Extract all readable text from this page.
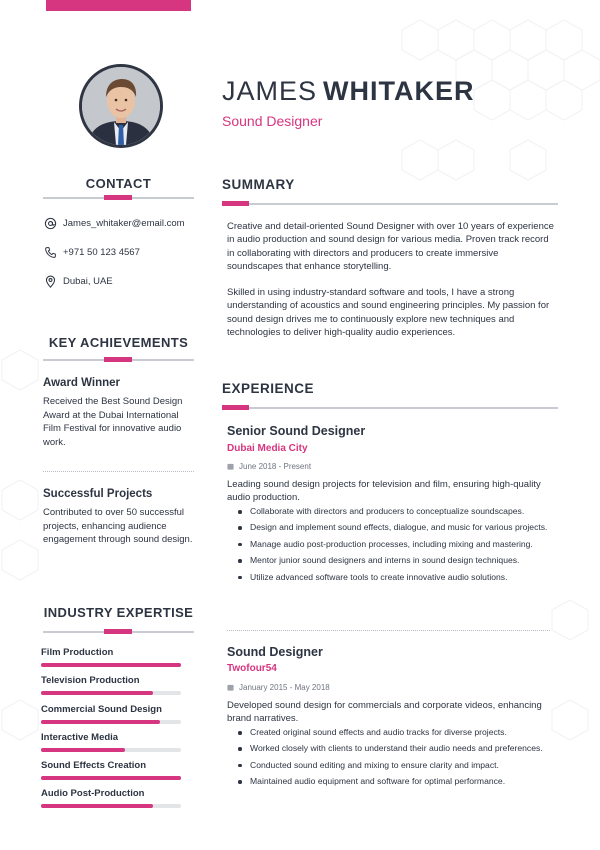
JAMES WHITAKER
Sound Designer
CONTACT
James_whitaker@email.com
+971 50 123 4567
Dubai, UAE
KEY ACHIEVEMENTS
Award Winner
Received the Best Sound Design Award at the Dubai International Film Festival for innovative audio work.
Successful Projects
Contributed to over 50 successful projects, enhancing audience engagement through sound design.
INDUSTRY EXPERTISE
Film Production
Television Production
Commercial Sound Design
Interactive Media
Sound Effects Creation
Audio Post-Production
SUMMARY
Creative and detail-oriented Sound Designer with over 10 years of experience in audio production and sound design for various media. Proven track record in collaborating with directors and producers to create immersive soundscapes that enhance storytelling.
Skilled in using industry-standard software and tools, I have a strong understanding of acoustics and sound engineering principles. My passion for sound design drives me to continuously explore new techniques and technologies to deliver high-quality audio experiences.
EXPERIENCE
Senior Sound Designer
Dubai Media City
June 2018 - Present
Leading sound design projects for television and film, ensuring high-quality audio production.
Collaborate with directors and producers to conceptualize soundscapes.
Design and implement sound effects, dialogue, and music for various projects.
Manage audio post-production processes, including mixing and mastering.
Mentor junior sound designers and interns in sound design techniques.
Utilize advanced software tools to create innovative audio solutions.
Sound Designer
Twofour54
January 2015 - May 2018
Developed sound design for commercials and corporate videos, enhancing brand narratives.
Created original sound effects and audio tracks for diverse projects.
Worked closely with clients to understand their audio needs and preferences.
Conducted sound editing and mixing to ensure clarity and impact.
Maintained audio equipment and software for optimal performance.
